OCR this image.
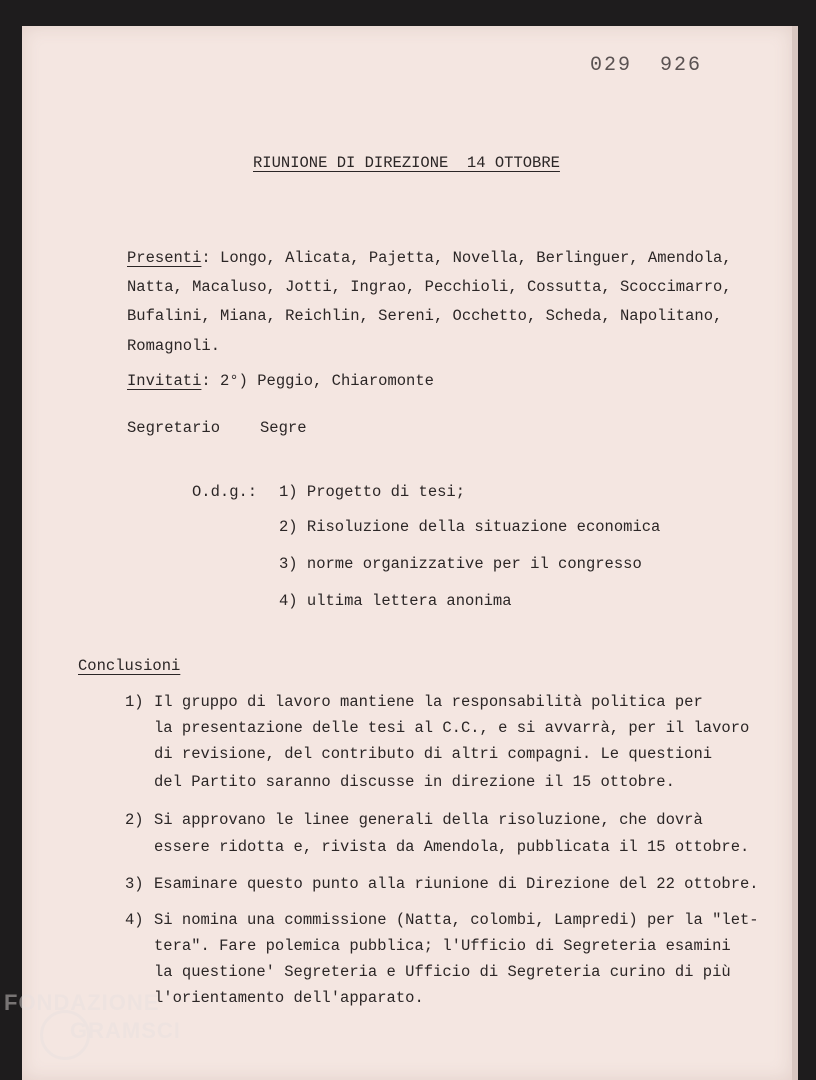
029  926
RIUNIONE DI DIREZIONE  14 OTTOBRE
Presenti: Longo, Alicata, Pajetta, Novella, Berlinguer, Amendola,
Natta, Macaluso, Jotti, Ingrao, Pecchioli, Cossutta, Scoccimarro,
Bufalini, Miana, Reichlin, Sereni, Occhetto, Scheda, Napolitano,
Romagnoli.
Invitati: 2°) Peggio, Chiaromonte
Segretario	Segre
O.d.g.: 1) Progetto di tesi;
2) Risoluzione della situazione economica
3) norme organizzative per il congresso
4) ultima lettera anonima
Conclusioni
1) Il gruppo di lavoro mantiene la responsabilità politica per
la presentazione delle tesi al C.C., e si avvarrà, per il lavoro
di revisione, del contributo di altri compagni. Le questioni
del Partito saranno discusse in direzione il 15 ottobre.
2) Si approvano le linee generali della risoluzione, che dovrà
essere ridotta e, rivista da Amendola, pubblicata il 15 ottobre.
3) Esaminare questo punto alla riunione di Direzione del 22 ottobre.
4) Si nomina una commissione (Natta, colombi, Lampredi) per la "let-
tera". Fare polemica pubblica; l'Ufficio di Segreteria esamini
la questione' Segreteria e Ufficio di Segreteria curino di più
l'orientamento dell'apparato.
FONDAZIONE
GRAMSCI
